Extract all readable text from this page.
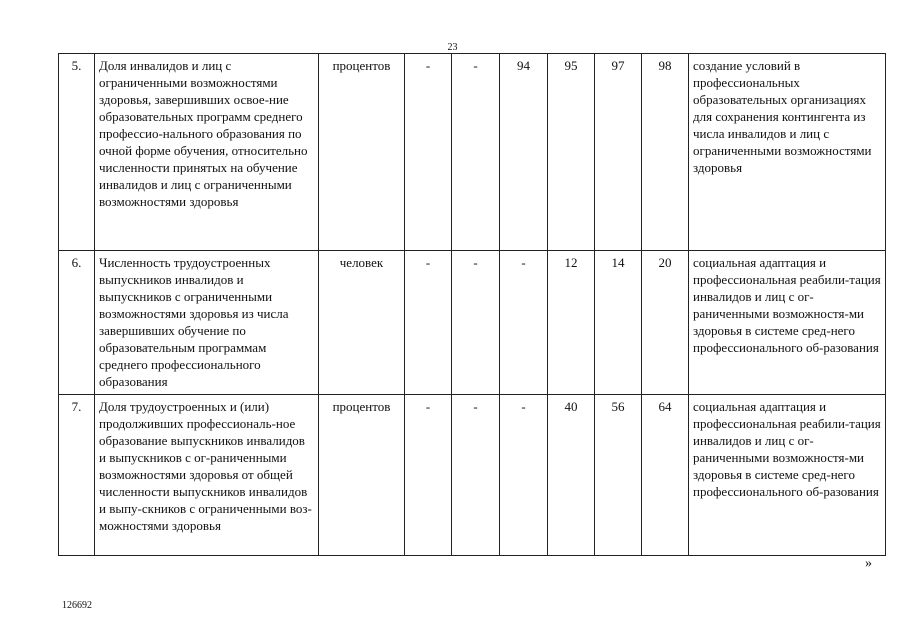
23
5.	Доля инвалидов и лиц с ограниченными возможностями здоровья, завершивших освое-ние образовательных программ среднего профессио-нального образования по очной форме обучения, относительно численности принятых на обучение инвалидов и лиц с ограниченными возможностями здоровья	процентов	-	-	94	95	97	98	создание условий в профессиональных образовательных организациях для сохранения контингента из числа инвалидов и лиц с ограниченными возможностями здоровья
6.	Численность трудоустроенных выпускников инвалидов и выпускников с ограниченными возможностями здоровья из числа завершивших обучение по образовательным программам среднего профессионального образования	человек	-	-	-	12	14	20	социальная адаптация и профессиональная реабили-тация инвалидов и лиц с ог-раниченными возможностя-ми здоровья в системе сред-него профессионального об-разования
7.	Доля трудоустроенных и (или) продолживших профессиональ-ное образование выпускников инвалидов и выпускников с ог-раниченными возможностями здоровья от общей численности выпускников инвалидов и выпу-скников с ограниченными воз-можностями здоровья	процентов	-	-	-	40	56	64	социальная адаптация и профессиональная реабили-тация инвалидов и лиц с ог-раниченными возможностя-ми здоровья в системе сред-него профессионального об-разования
»
126692
